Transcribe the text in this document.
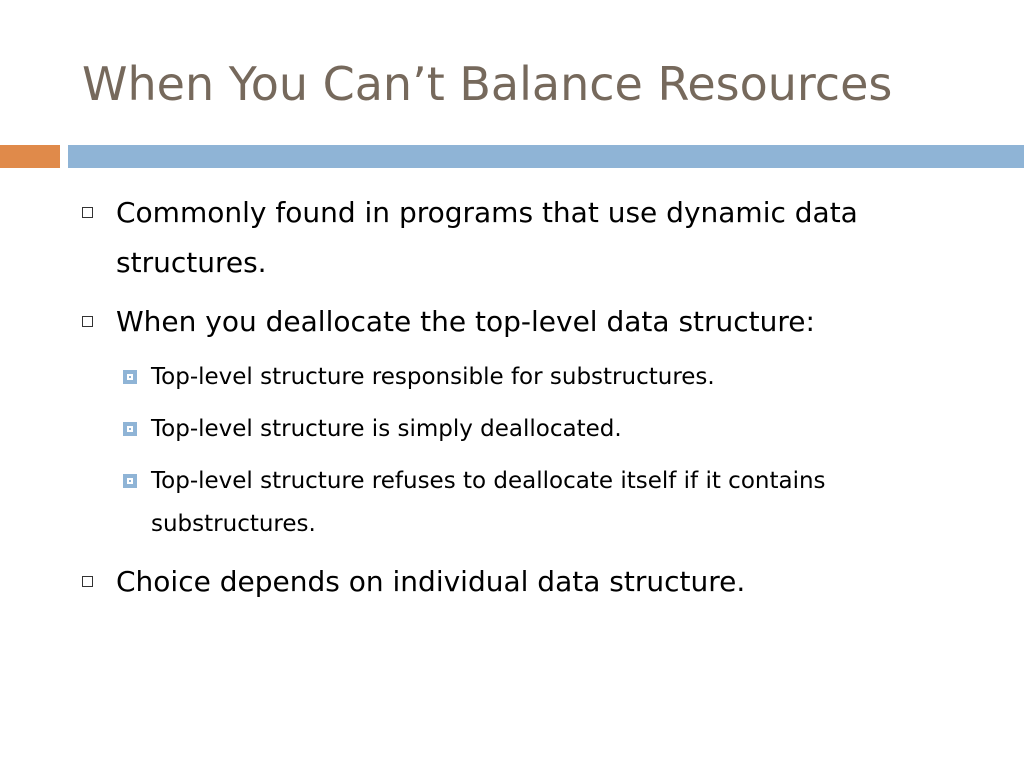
When You Can’t Balance Resources
Commonly found in programs that use dynamic data structures.
When you deallocate the top-level data structure:
Top-level structure responsible for substructures.
Top-level structure is simply deallocated.
Top-level structure refuses to deallocate itself if it contains substructures.
Choice depends on individual data structure.
